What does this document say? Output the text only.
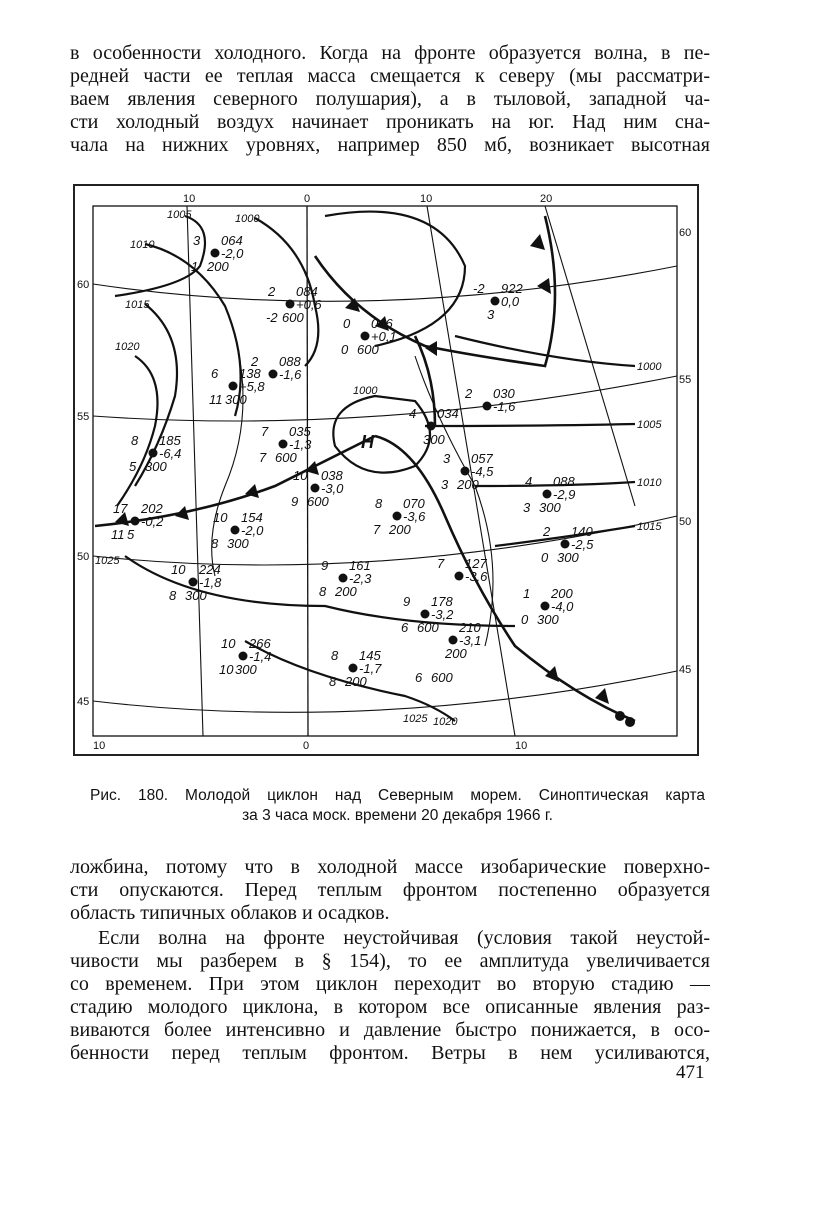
в особенности холодного. Когда на фронте образуется волна, в пе-
редней части ее теплая масса смещается к северу (мы рассматри-
ваем явления северного полушария), а в тыловой, западной ча-
сти холодный воздух начинает проникать на юг. Над ним сна-
чала на нижних уровнях, например 850 мб, возникает высотная

10	0	10	20
10	0	10
60
55
50
45
60
55
50
45
1005	1000
1010
1015
1020
1025
1000
1005
1010
1015
1025 1020
1000
Н
3 064
-2,0
1 200
2 084
+0,6
-2 600	0 046
+0,1
0 600
-2 922
0,0
3
6 138
+5,8
11 300
2 088
-1,6
8 185
-6,4
5 300
7 035
-1,3
7 600
4 034
300
2 030
-1,6
3 057
-4,5
3 200	4 088
-2,9
3 300
10 038
-3,0
9 600
17 202
-0,2
11 5
10 154
-2,0
8 300
8 070
-3,6
7 200	2 140
-2,5
0 300
9 161
-2,3
8 200
7 127
-3,6
10 224
-1,8
8 300	9 178
-3,2
6 600
1 200
-4,0
0 300
210
-3,1
200
10 266
-1,4
10 300
8 145
-1,7
8 200	6 600

Рис. 180. Молодой циклон над Северным морем. Синоптическая карта
за 3 часа моск. времени 20 декабря 1966 г.

ложбина, потому что в холодной массе изобарические поверхно-
сти опускаются. Перед теплым фронтом постепенно образуется
область типичных облаков и осадков.

Если волна на фронте неустойчивая (условия такой неустой-
чивости мы разберем в § 154), то ее амплитуда увеличивается
со временем. При этом циклон переходит во вторую стадию —
стадию молодого циклона, в котором все описанные явления раз-
виваются более интенсивно и давление быстро понижается, в осо-
бенности перед теплым фронтом. Ветры в нем усиливаются,

471
